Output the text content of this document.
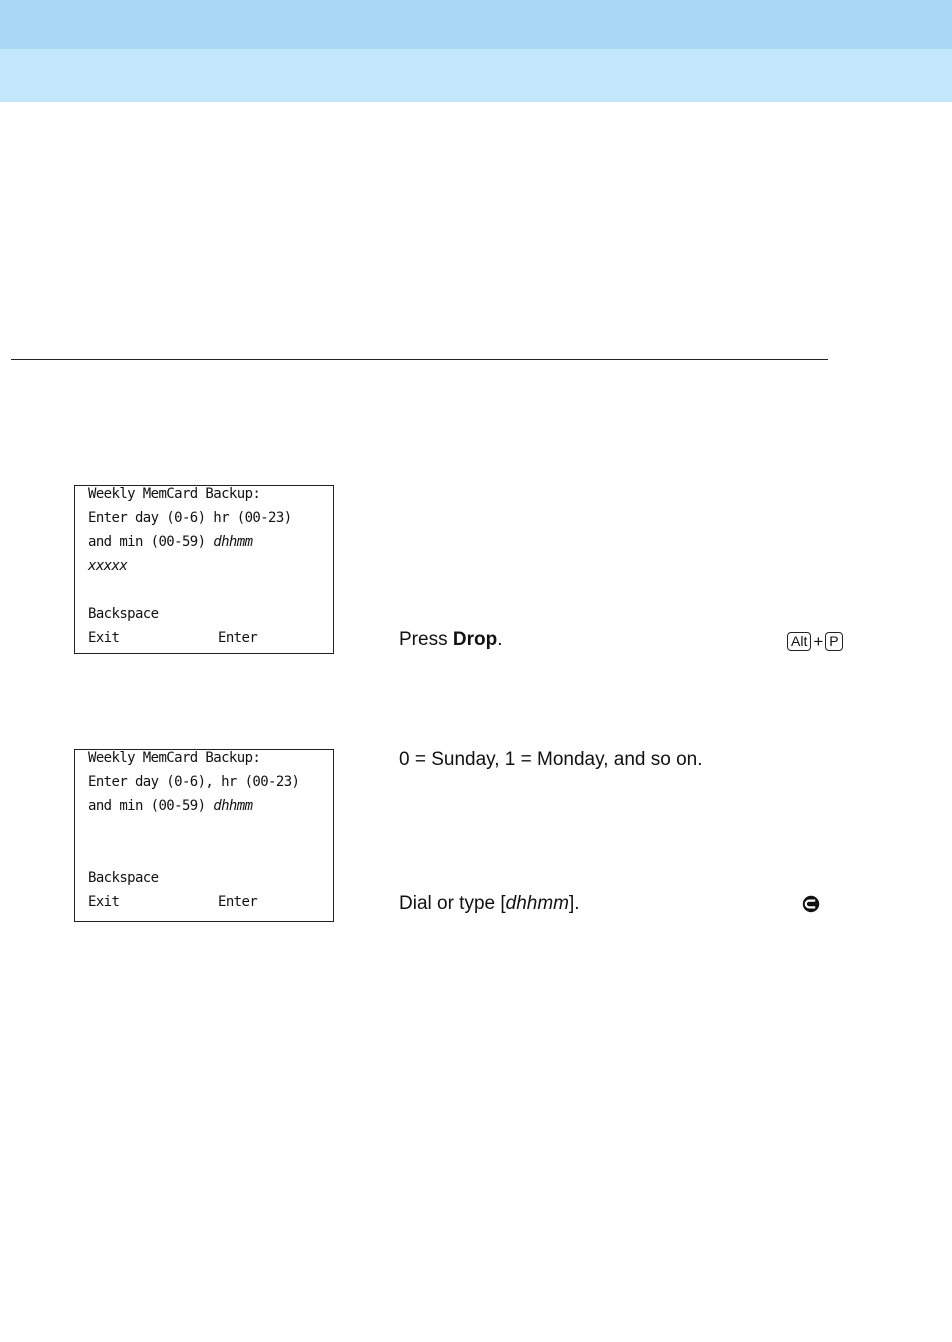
Weekly MemCard Backup:
Enter day (0-6) hr (00-23)
and min (00-59) dhhmm
xxxxx
Backspace
Exit	Enter	Press Drop.	Alt + P
Weekly MemCard Backup:
Enter day (0-6), hr (00-23)
and min (00-59) dhhmm
Backspace
Exit	Enter
0 = Sunday, 1 = Monday, and so on.
Dial or type [dhhmm].
